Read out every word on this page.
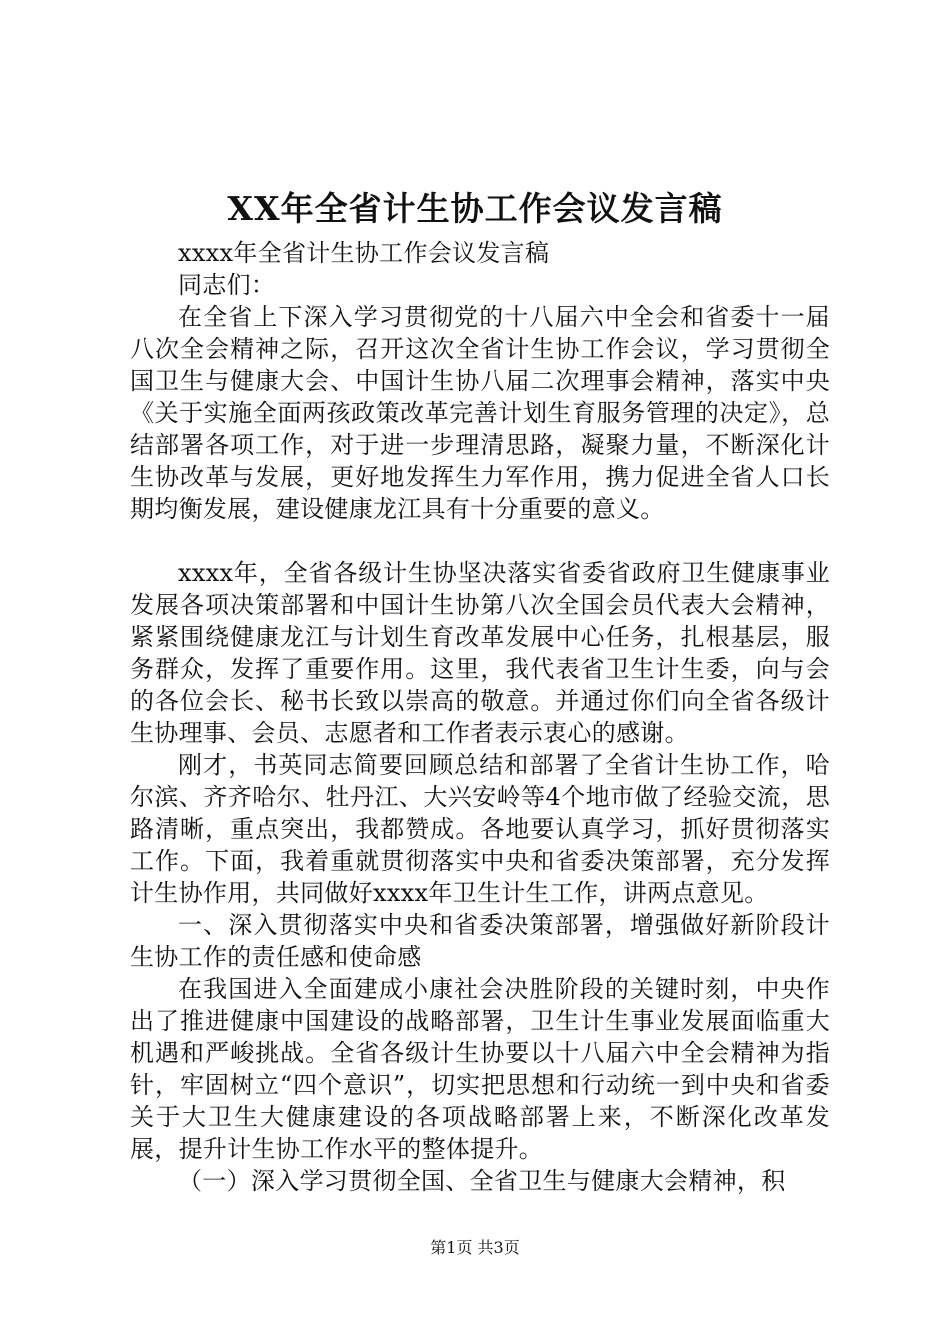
XX年全省计生协工作会议发言稿

xxxx年全省计生协工作会议发言稿

同志们：

在全省上下深入学习贯彻党的十八届六中全会和省委十一届八次全会精神之际，召开这次全省计生协工作会议，学习贯彻全国卫生与健康大会、中国计生协八届二次理事会精神，落实中央《关于实施全面两孩政策改革完善计划生育服务管理的决定》，总结部署各项工作，对于进一步理清思路，凝聚力量，不断深化计生协改革与发展，更好地发挥生力军作用，携力促进全省人口长期均衡发展，建设健康龙江具有十分重要的意义。

xxxx年，全省各级计生协坚决落实省委省政府卫生健康事业发展各项决策部署和中国计生协第八次全国会员代表大会精神，紧紧围绕健康龙江与计划生育改革发展中心任务，扎根基层，服务群众，发挥了重要作用。这里，我代表省卫生计生委，向与会的各位会长、秘书长致以崇高的敬意。并通过你们向全省各级计生协理事、会员、志愿者和工作者表示衷心的感谢。

刚才，书英同志简要回顾总结和部署了全省计生协工作，哈尔滨、齐齐哈尔、牡丹江、大兴安岭等4个地市做了经验交流，思路清晰，重点突出，我都赞成。各地要认真学习，抓好贯彻落实工作。下面，我着重就贯彻落实中央和省委决策部署，充分发挥计生协作用，共同做好xxxx年卫生计生工作，讲两点意见。

一、深入贯彻落实中央和省委决策部署，增强做好新阶段计生协工作的责任感和使命感

在我国进入全面建成小康社会决胜阶段的关键时刻，中央作出了推进健康中国建设的战略部署，卫生计生事业发展面临重大机遇和严峻挑战。全省各级计生协要以十八届六中全会精神为指针，牢固树立“四个意识”，切实把思想和行动统一到中央和省委关于大卫生大健康建设的各项战略部署上来，不断深化改革发展，提升计生协工作水平的整体提升。

（一）深入学习贯彻全国、全省卫生与健康大会精神，积

第1页 共3页
